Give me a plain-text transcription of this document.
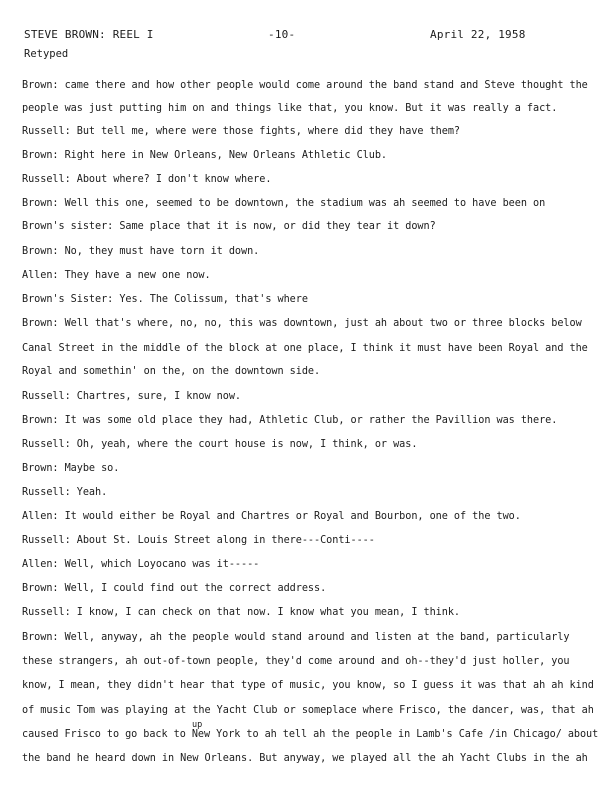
STEVE BROWN: REEL I	-10-	April 22, 1958
Retyped
Brown: came there and how other people would come around the band stand and Steve thought the
people was just putting him on and things like that, you know. But it was really a fact.
Russell: But tell me, where were those fights, where did they have them?
Brown: Right here in New Orleans, New Orleans Athletic Club.
Russell: About where? I don't know where.
Brown: Well this one, seemed to be downtown, the stadium was ah seemed to have been on
Brown's sister: Same place that it is now, or did they tear it down?
Brown: No, they must have torn it down.
Allen: They have a new one now.
Brown's Sister: Yes. The Colissum, that's where
Brown: Well that's where, no, no, this was downtown, just ah about two or three blocks below
Canal Street in the middle of the block at one place, I think it must have been Royal and the
Royal and somethin' on the, on the downtown side.
Russell: Chartres, sure, I know now.
Brown: It was some old place they had, Athletic Club, or rather the Pavillion was there.
Russell: Oh, yeah, where the court house is now, I think, or was.
Brown: Maybe so.
Russell: Yeah.
Allen: It would either be Royal and Chartres or Royal and Bourbon, one of the two.
Russell: About St. Louis Street along in there---Conti----
Allen: Well, which Loyocano was it-----
Brown: Well, I could find out the correct address.
Russell: I know, I can check on that now. I know what you mean, I think.
Brown: Well, anyway, ah the people would stand around and listen at the band, particularly
these strangers, ah out-of-town people, they'd come around and oh--they'd just holler, you
know, I mean, they didn't hear that type of music, you know, so I guess it was that ah ah kind
of music Tom was playing at the Yacht Club or someplace where Frisco, the dancer, was, that ah
caused Frisco to go back to New York to ah tell ah the people in Lamb's Cafe /in Chicago/ about
the band he heard down in New Orleans. But anyway, we played all the ah Yacht Clubs in the ah
up
